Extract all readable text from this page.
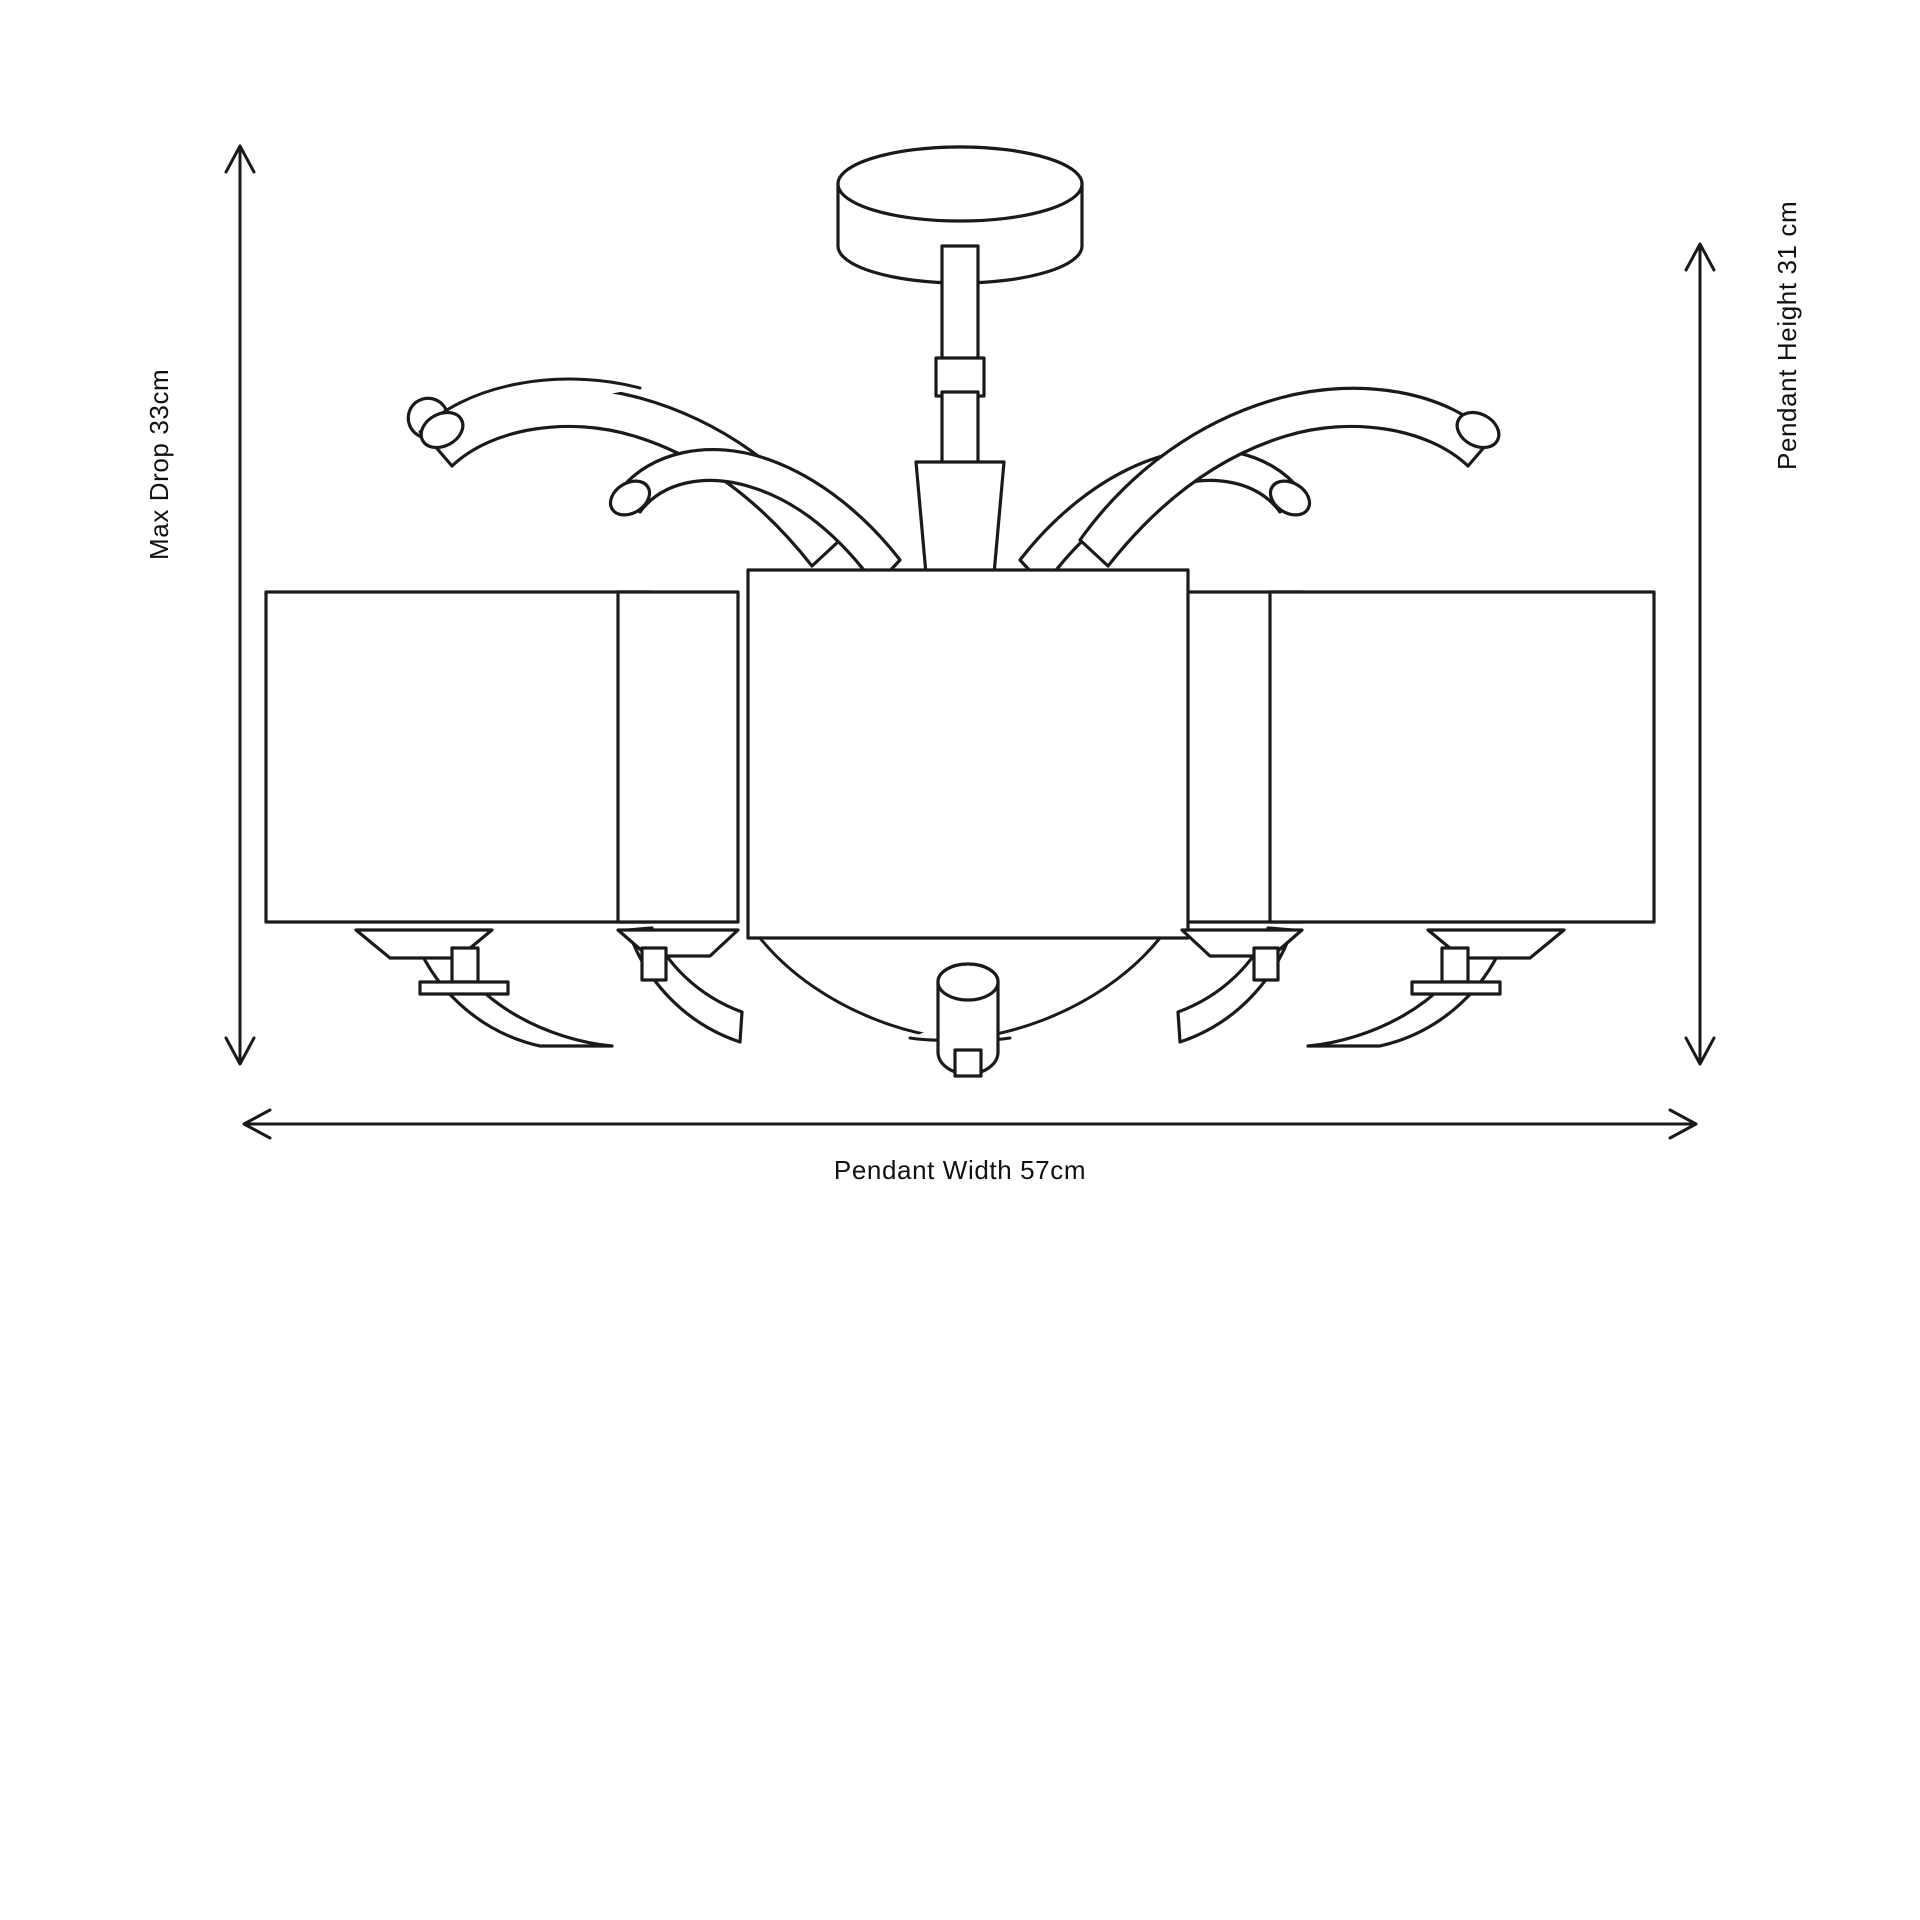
Max Drop 33cm	Pendant Height 31 cm
Pendant Width 57cm
